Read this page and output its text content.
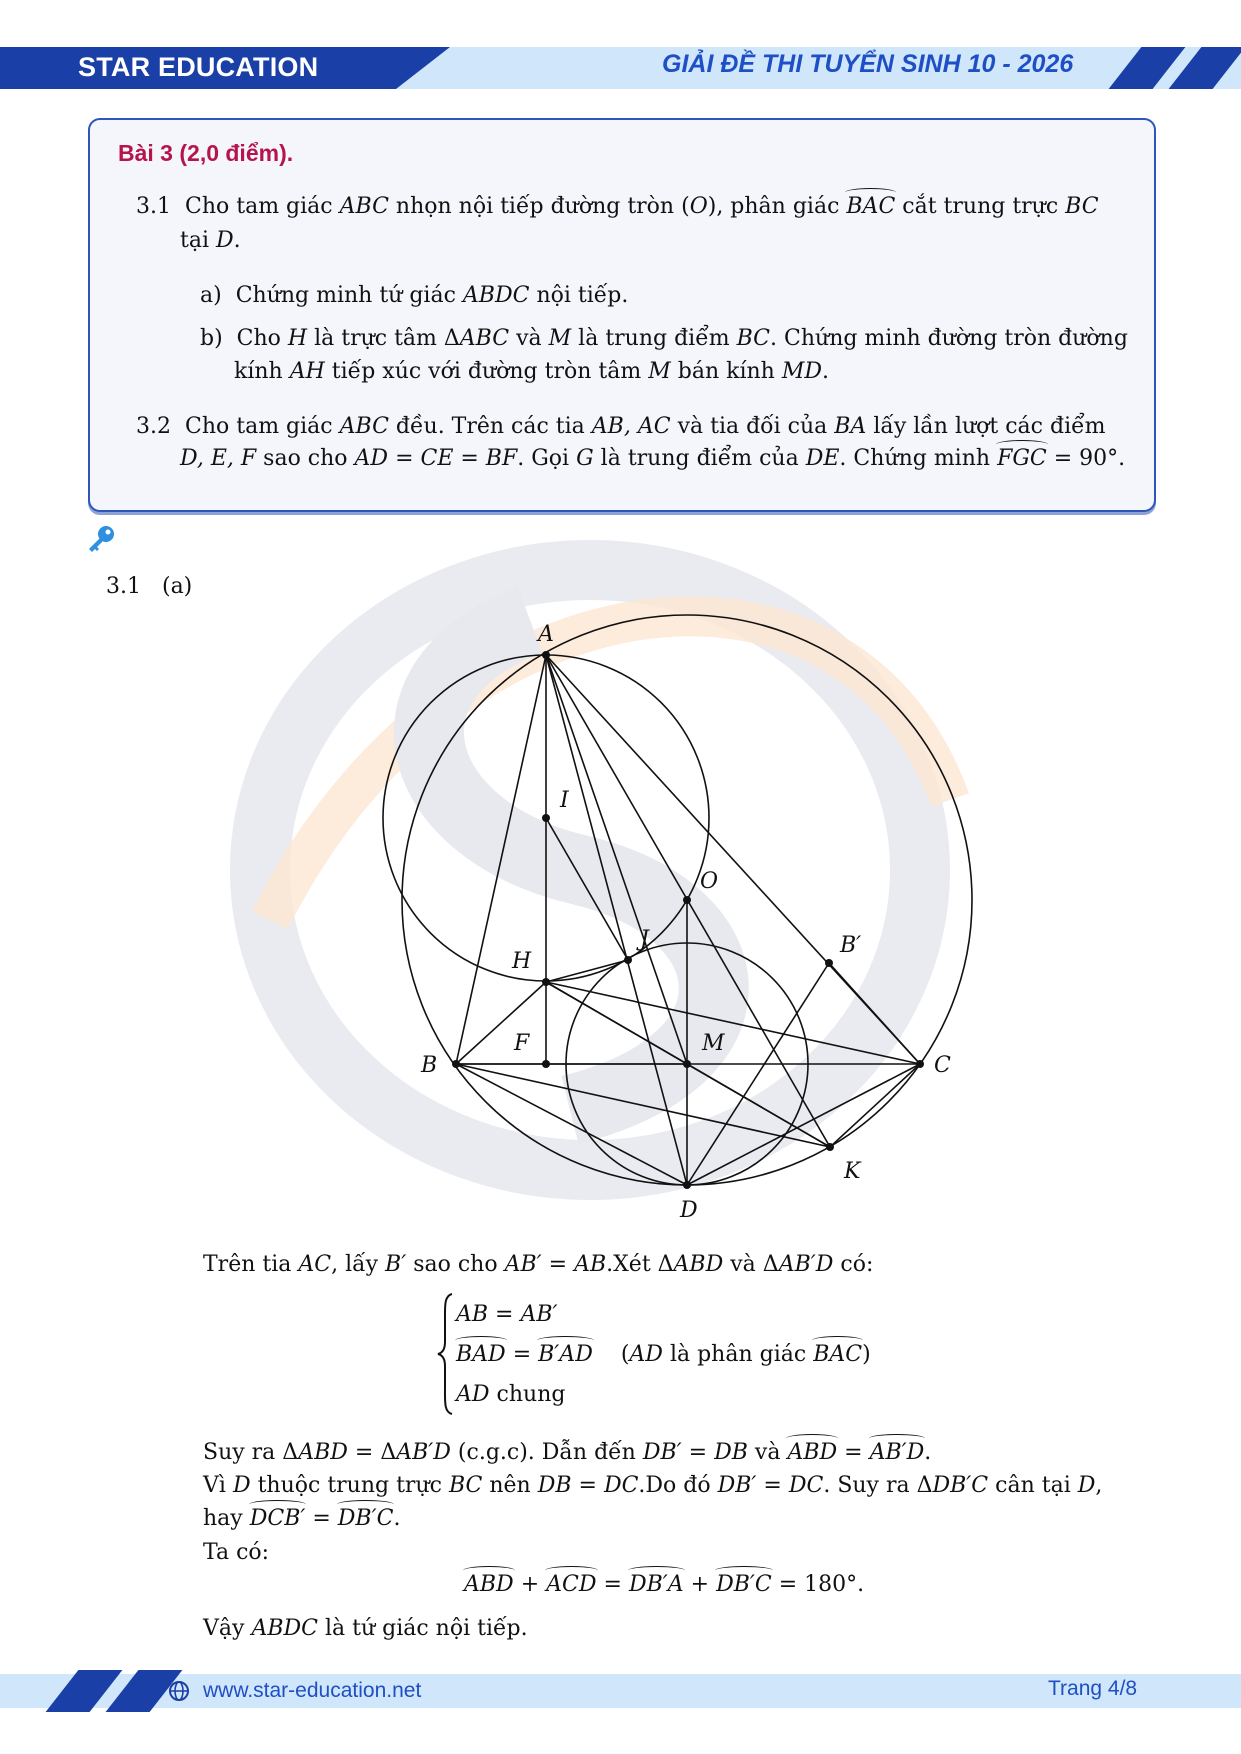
STAR EDUCATION	GIẢI ĐỀ THI TUYỂN SINH 10 - 2026
Bài 3 (2,0 điểm).
3.1 Cho tam giác ABC nhọn nội tiếp đường tròn (O), phân giác BAC cắt trung trực BC
tại D.
a) Chứng minh tứ giác ABDC nội tiếp.
b) Cho H là trực tâm ΔABC và M là trung điểm BC. Chứng minh đường tròn đường
kính AH tiếp xúc với đường tròn tâm M bán kính MD.
3.2 Cho tam giác ABC đều. Trên các tia AB, AC và tia đối của BA lấy lần lượt các điểm
D, E, F sao cho AD = CE = BF. Gọi G là trung điểm của DE. Chứng minh FGC = 90°.
3.1 (a)
A
I
O
J	B′
H
F	M
B	C
K
D
Trên tia AC, lấy B′ sao cho AB′ = AB.Xét ΔABD và ΔAB′D có:
AB = AB′
BAD = B′AD (AD là phân giác BAC)
AD chung
Suy ra ΔABD = ΔAB′D (c.g.c). Dẫn đến DB′ = DB và ABD = AB′D.
Vì D thuộc trung trực BC nên DB = DC.Do đó DB′ = DC. Suy ra ΔDB′C cân tại D,
hay DCB′ = DB′C.
Ta có:
ABD + ACD = DB′A + DB′C = 180°.
Vậy ABDC là tứ giác nội tiếp.
www.star-education.net	Trang 4/8
